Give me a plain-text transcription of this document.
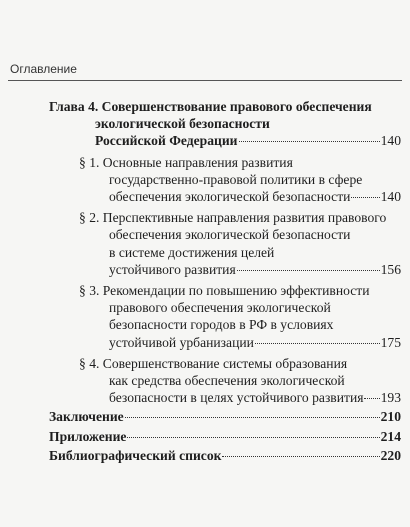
Оглавление
Глава 4. Совершенствование правового обеспечения
экологической безопасности
Российской Федерации	140
§ 1. Основные направления развития
государственно-правовой политики в сфере
обеспечения экологической безопасности 140
§ 2. Перспективные направления развития правового
обеспечения экологической безопасности
в системе достижения целей
устойчивого развития	156
§ 3. Рекомендации по повышению эффективности
правового обеспечения экологической
безопасности городов в РФ в условиях
устойчивой урбанизации	175
§ 4. Совершенствование системы образования
как средства обеспечения экологической
безопасности в целях устойчивого развития 193
Заключение	210
Приложение	214
Библиографический список	220
